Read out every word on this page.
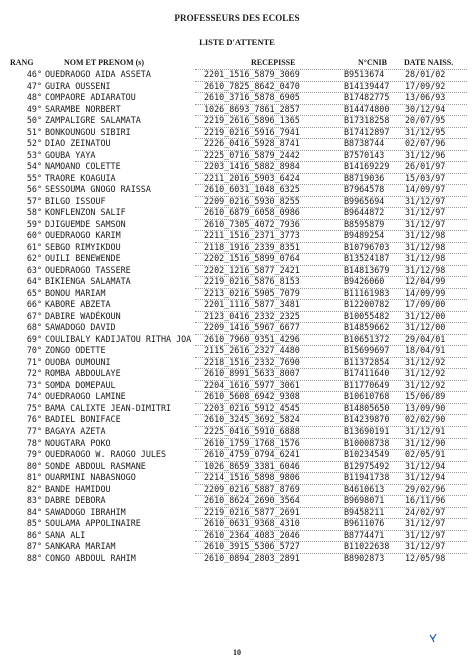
PROFESSEURS DES ECOLES
LISTE D'ATTENTE
RANG	NOM ET PRENOM (s)	RECEPISSE	N°CNIB DATE NAISS.
46° OUEDRAOGO AIDA ASSETA	2201_1516_5879_3069	B9513674 28/01/02
47° GUIRA OUSSENI	2610_7825_8642_0470	B14139447 17/09/92
48° COMPAORE ADIARATOU	2610_3716_5878_6905	B17482775 13/06/93
49° SARAMBE NORBERT	1026_8693_7861_2857	B14474800 30/12/94
50° ZAMPALIGRE SALAMATA	2219_2616_5896_1365	B17318258 20/07/95
51° BONKOUNGOU SIBIRI	2219_0216_5916_7941	B17412897 31/12/95
52° DIAO ZEINATOU	2226_0416_5928_8741	B8738744 02/07/96
53° GOUBA YAYA	2225_0716_5879_2442	B7570143 31/12/96
54° NAMOANO COLETTE	2203_1416_5882_8984	B14169229 26/01/97
55° TRAORE KOAGUIA	2211_2016_5903_6424	B8719036 15/03/97
56° SESSOUMA GNOGO RAISSA	2610_6031_1048_6325	B7964578 14/09/97
57° BILGO ISSOUF	2209_0216_5930_8255	B9965694 31/12/97
58° KONFLENZON SALIF	2610_6879_6058_0986	B9644872 31/12/97
59° DJIGUEMDE SAMSON	2610_7305_4072_7936	B8595879 31/12/97
60° OUEDRAOGO KARIM	2211_1516_2371_3773	B9489254 31/12/98
61° SEBGO RIMYIKDOU	2118_1916_2339_8351	B10796703 31/12/98
62° OUILI BENEWENDE	2202_1516_5899_0764	B13524187 31/12/98
63° OUEDRAOGO TASSERE	2202_1216_5877_2421	B14813679 31/12/98
64° BIKIENGA SALAMATA	2219_0216_5876_8153	B9426060 12/04/99
65° BONOU MARIAM	2213_0216_5905_7079	B11161983 14/09/99
66° KABORE ABZETA	2201_1116_5877_3481	B12200782 17/09/00
67° DABIRE WADÉKOUN	2123_0416_2332_2325	B10055482 31/12/00
68° SAWADOGO DAVID	2209_1416_5967_6677	B14859662 31/12/00
69° COULIBALY KADIJATOU RITHA JOA 2610_7960_9351_4296	B10651372 29/04/01
70° ZONGO ODETTE	2115_2616_2327_4480	B15699697 18/04/91
71° OUOBA OUMOUNI	2218_1516_2332_7690	B11372854 31/12/92
72° ROMBA ABDOULAYE	2610_8991_5633_8007	B17411640 31/12/92
73° SOMDA DOMEPAUL	2204_1616_5977_3061	B11770649 31/12/92
74° OUEDRAOGO LAMINE	2610_5608_6942_9308	B10610768 15/06/89
75° BAMA CALIXTE JEAN-DIMITRI	2203_0216_5912_4545	B14805650 13/09/90
76° BADIEL BONIFACE	2610_3245_3692_5824	B14239870 02/02/90
77° BAGAYA AZETA	2225_0416_5910_6888	B13690191 31/12/91
78° NOUGTARA POKO	2610_1759_1768_1576	B10008738 31/12/90
79° OUEDRAOGO W. RAOGO JULES	2610_4759_0794_6241	B10234549 02/05/91
80° SONDE ABDOUL RASMANE	1026_8659_3381_6046	B12975492 31/12/94
81° OUARMINI NABASNOGO	2214_1516_5898_9806	B11941738 31/12/94
82° BANDE HAMIDOU	2209_0216_5887_8769	B4610613 29/02/96
83° DABRE DEBORA	2610_8624_2690_3564	B9698071 16/11/96
84° SAWADOGO IBRAHIM	2219_0216_5877_2691	B9458211 24/02/97
85° SOULAMA APPOLINAIRE	2610_0631_9368_4310	B9611076 31/12/97
86° SANA ALI	2610_2364_4083_2046	B8774471 31/12/97
87° SANKARA MARIAM	2610_3915_5306_5727	B11022638 31/12/97
88° CONGO ABDOUL RAHIM	2610_0894_2803_2891	B8902873 12/05/98
10
